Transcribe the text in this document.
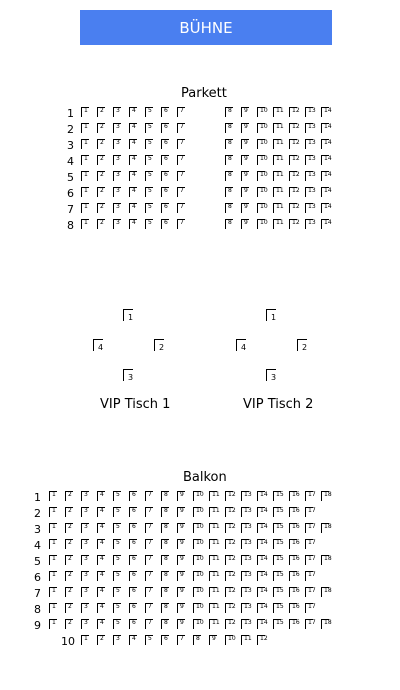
BÜHNE
Parkett
1 1 2 3 4 5 6 7	8 9 10 11 12 13 14
2 1 2 3 4 5 6 7	8 9 10 11 12 13 14
3 1 2 3 4 5 6 7	8 9 10 11 12 13 14
4 1 2 3 4 5 6 7	8 9 10 11 12 13 14
5 1 2 3 4 5 6 7	8 9 10 11 12 13 14
6 1 2 3 4 5 6 7	8 9 10 11 12 13 14
7 1 2 3 4 5 6 7	8 9 10 11 12 13 14
8 1 2 3 4 5 6 7	8 9 10 11 12 13 14
1
2
3
4
VIP Tisch 1
1
2
3
4
VIP Tisch 2
Balkon
1 1 2 3 4 5 6 7 8 9 10 11 12 13 14 15 16 17 18
2 1 2 3 4 5 6 7 8 9 10 11 12 13 14 15 16 17
3 1 2 3 4 5 6 7 8 9 10 11 12 13 14 15 16 17 18
4 1 2 3 4 5 6 7 8 9 10 11 12 13 14 15 16 17
5 1 2 3 4 5 6 7 8 9 10 11 12 13 14 15 16 17 18
6 1 2 3 4 5 6 7 8 9 10 11 12 13 14 15 16 17
7 1 2 3 4 5 6 7 8 9 10 11 12 13 14 15 16 17 18
8 1 2 3 4 5 6 7 8 9 10 11 12 13 14 15 16 17
9 1 2 3 4 5 6 7 8 9 10 11 12 13 14 15 16 17 18
10 1 2 3 4 5 6 7 8 9 10 11 12
